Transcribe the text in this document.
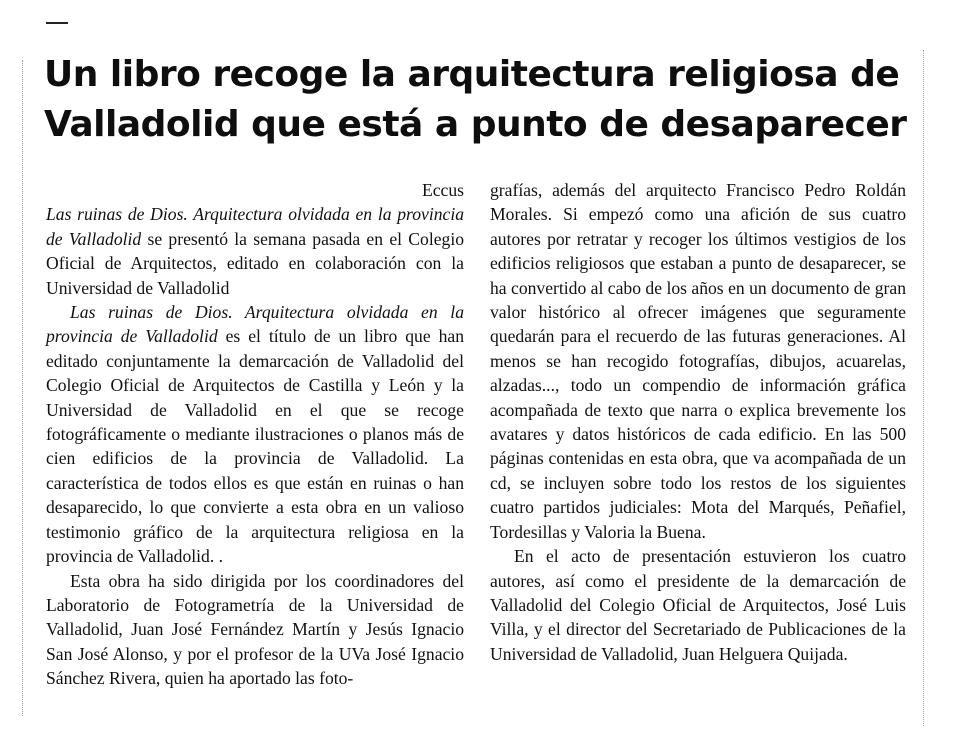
Un libro recoge la arquitectura religiosa de Valladolid que está a punto de desaparecer

Eccus

Las ruinas de Dios. Arquitectura olvidada en la provincia de Valladolid se presentó la semana pasada en el Colegio Oficial de Arquitectos, editado en colaboración con la Universidad de Valladolid

Las ruinas de Dios. Arquitectura olvidada en la provincia de Valladolid es el título de un libro que han editado conjuntamente la demarcación de Valladolid del Colegio Oficial de Arquitectos de Castilla y León y la Universidad de Valladolid en el que se recoge fotográficamente o mediante ilustraciones o planos más de cien edificios de la provincia de Valladolid. La característica de todos ellos es que están en ruinas o han desaparecido, lo que convierte a esta obra en un valioso testimonio gráfico de la arquitectura religiosa en la provincia de Valladolid. .

Esta obra ha sido dirigida por los coordinadores del Laboratorio de Fotogrametría de la Universidad de Valladolid, Juan José Fernández Martín y Jesús Ignacio San José Alonso, y por el profesor de la UVa José Ignacio Sánchez Rivera, quien ha aportado las foto-

grafías, además del arquitecto Francisco Pedro Roldán Morales. Si empezó como una afición de sus cuatro autores por retratar y recoger los últimos vestigios de los edificios religiosos que estaban a punto de desaparecer, se ha convertido al cabo de los años en un documento de gran valor histórico al ofrecer imágenes que seguramente quedarán para el recuerdo de las futuras generaciones. Al menos se han recogido fotografías, dibujos, acuarelas, alzadas..., todo un compendio de información gráfica acompañada de texto que narra o explica brevemente los avatares y datos históricos de cada edificio. En las 500 páginas contenidas en esta obra, que va acompañada de un cd, se incluyen sobre todo los restos de los siguientes cuatro partidos judiciales: Mota del Marqués, Peñafiel, Tordesillas y Valoria la Buena.

En el acto de presentación estuvieron los cuatro autores, así como el presidente de la demarcación de Valladolid del Colegio Oficial de Arquitectos, José Luis Villa, y el director del Secretariado de Publicaciones de la Universidad de Valladolid, Juan Helguera Quijada.
